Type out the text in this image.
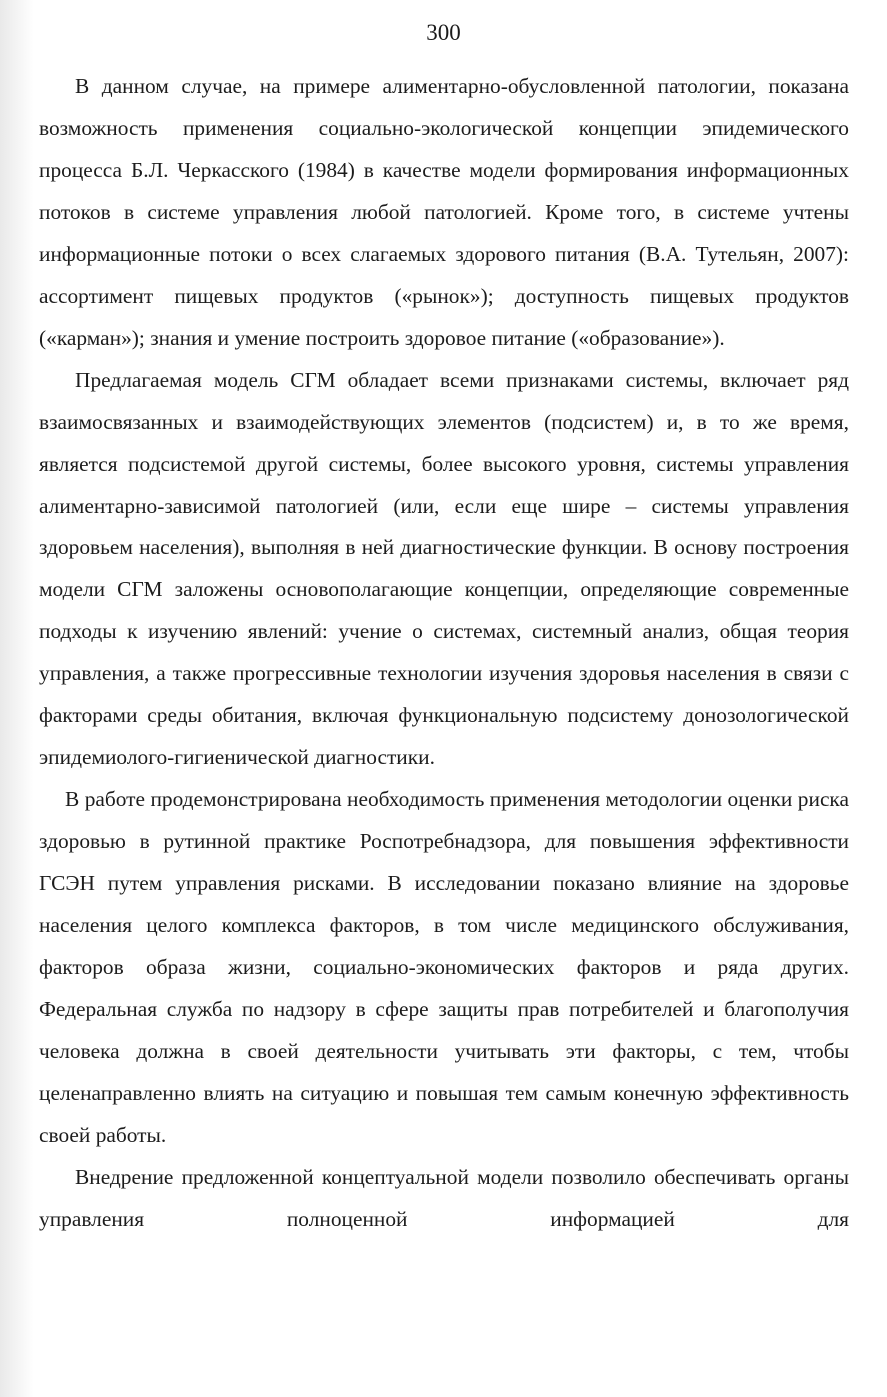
300

В данном случае, на примере алиментарно-обусловленной патологии, показана возможность применения социально-экологической концепции эпидемического процесса Б.Л. Черкасского (1984) в качестве модели формирования информационных потоков в системе управления любой патологией. Кроме того, в системе учтены информационные потоки о всех слагаемых здорового питания (В.А. Тутельян, 2007): ассортимент пищевых продуктов («рынок»); доступность пищевых продуктов («карман»); знания и умение построить здоровое питание («образование»).

Предлагаемая модель СГМ обладает всеми признаками системы, включает ряд взаимосвязанных и взаимодействующих элементов (подсистем) и, в то же время, является подсистемой другой системы, более высокого уровня, системы управления алиментарно-зависимой патологией (или, если еще шире – системы управления здоровьем населения), выполняя в ней диагностические функции. В основу построения модели СГМ заложены основополагающие концепции, определяющие современные подходы к изучению явлений: учение о системах, системный анализ, общая теория управления, а также прогрессивные технологии изучения здоровья населения в связи с факторами среды обитания, включая функциональную подсистему донозологической эпидемиолого-гигиенической диагностики.

В работе продемонстрирована необходимость применения методологии оценки риска здоровью в рутинной практике Роспотребнадзора, для повышения эффективности ГСЭН путем управления рисками. В исследовании показано влияние на здоровье населения целого комплекса факторов, в том числе медицинского обслуживания, факторов образа жизни, социально-экономических факторов и ряда других. Федеральная служба по надзору в сфере защиты прав потребителей и благополучия человека должна в своей деятельности учитывать эти факторы, с тем, чтобы целенаправленно влиять на ситуацию и повышая тем самым конечную эффективность своей работы.

Внедрение предложенной концептуальной модели позволило обеспечивать органы управления полноценной информацией для
